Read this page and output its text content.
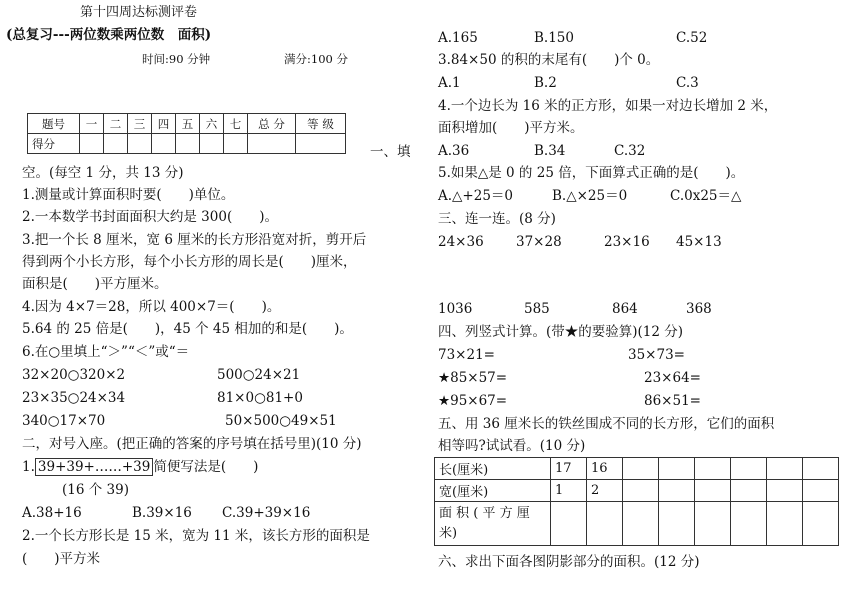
第十四周达标测评卷
(总复习---两位数乘两位数　面积)
时间:90 分钟	满分:100 分
题号	一	二	三	四	五	六	七	总 分	等 级
得分									
一、填
空。(每空 1 分，共 13 分)
1.测量或计算面积时要(　　)单位。
2.一本数学书封面面积大约是 300(　　)。
3.把一个长 8 厘米，宽 6 厘米的长方形沿宽对折，剪开后
得到两个小长方形，每个小长方形的周长是(　　)厘米，
面积是(　　)平方厘米。
4.因为 4×7＝28，所以 400×7＝(　　)。
5.64 的 25 倍是(　　)，45 个 45 相加的和是(　　)。
6.在○里填上“＞”“＜”或“＝
32×20○320×2	500○24×21
23×35○24×34	81×0○81+0
340○17×70	50×500○49×51
二，对号入座。(把正确的答案的序号填在括号里)(10 分)
1. 39+39+……+39 简便写法是(　　)
(16 个 39)
A.38+16	B.39×16 C.39+39×16
2.一个长方形长是 15 米，宽为 11 米，该长方形的面积是
(　　)平方米
A.165	B.150	C.52
3.84×50 的积的末尾有(　　)个 0。
A.1	B.2	C.3
4.一个边长为 16 米的正方形，如果一对边长增加 2 米，
面积增加(　　)平方米。
A.36	B.34	C.32
5.如果△是 0 的 25 倍，下面算式正确的是(　　)。
A.△+25＝0	B.△×25＝0	C.0x25＝△
三、连一连。(8 分)
24×36 37×28	23×16 45×13
1036	585	864	368
四、列竖式计算。(带★的要验算)(12 分)
73×21=	35×73=
★85×57=	23×64=
★95×67=	86×51=
五、用 36 厘米长的铁丝围成不同的长方形，它们的面积
相等吗?试试看。(10 分)
长(厘米)	17	16						
宽(厘米)	1	2						

面 积 ( 平 方 厘
米)								

六、求出下面各图阴影部分的面积。(12 分)
